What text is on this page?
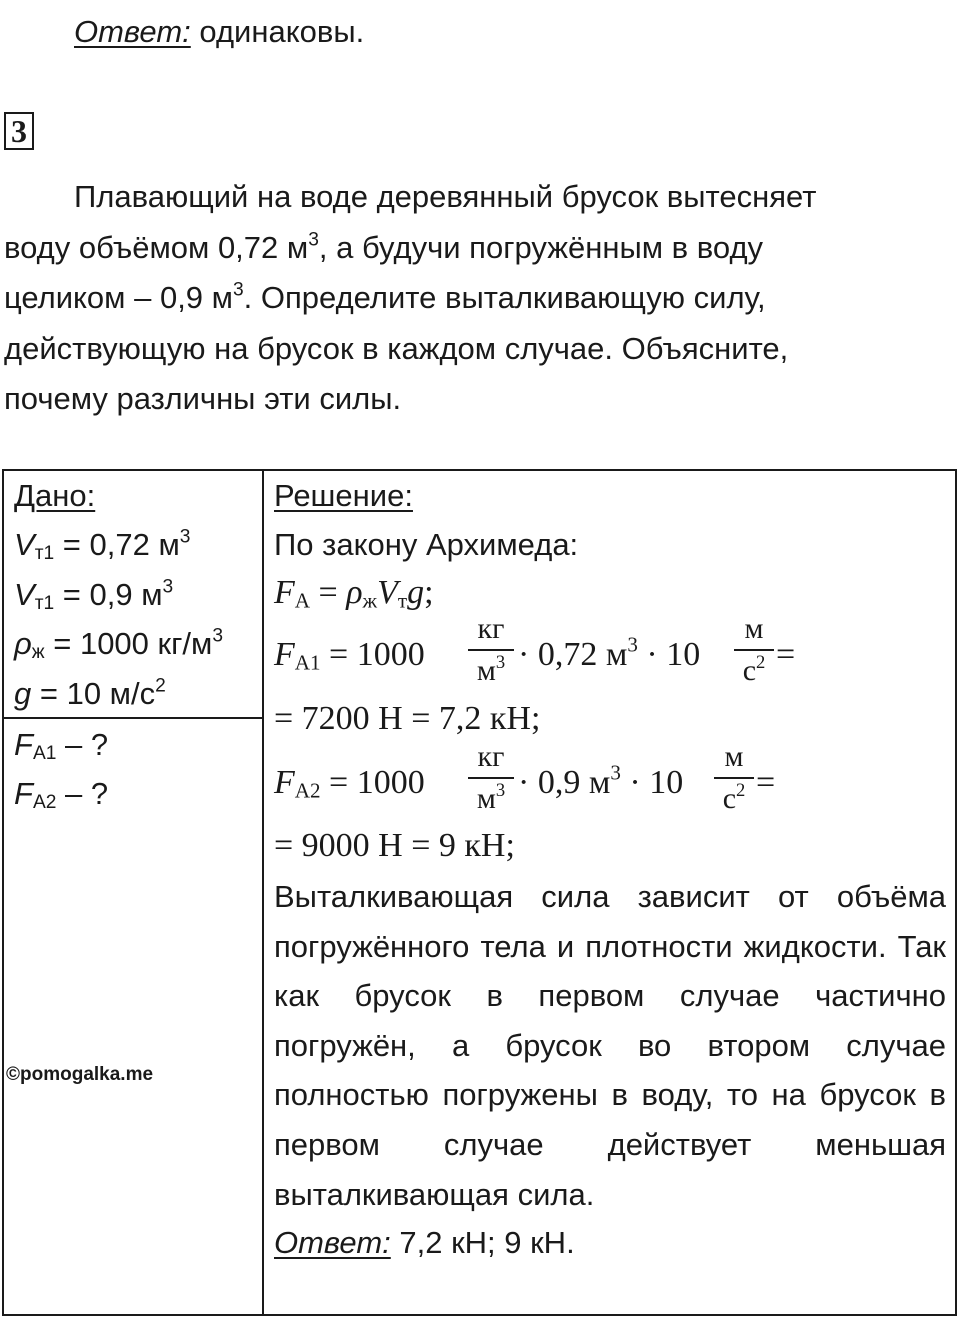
Ответ: одинаковы.
3

Плавающий на воде деревянный брусок вытесняет

воду объёмом 0,72 $м^3$, а будучи погружённым в воду

целиком – 0,9 $м^3$. Определите выталкивающую силу,

действующую на брусок в каждом случае. Объясните,

почему различны эти силы.

Дано:
$V_{т1} = 0,72$ $м^3$
$V_{т1} = 0,9$ $м^3$
$\rho_ж = 1000$ $кг/м^3$
g = 10 $м/с^2$
$F_{A1}$ – ?
$F_{A2}$ – ?
©pomogalka.me
Решение:
По закону Архимеда:
$F_A = \rho_жV_тg$;
$F_{A1} = 1000$
кг
$м^3 \cdot 0,72$ $м^3 \cdot 10$
м
$с^2$ =
= 7200 Н = 7,2 кН;
$F_{A2} = 1000$
кг
$м^3 \cdot 0,9$ $м^3 \cdot 10$
м
$с^2$ =
= 9000 Н = 9 кН;
Выталкивающая сила зависит от объёма погружённого тела и плотности жидкости. Так как брусок в первом случае частично погружён, а брусок во втором случае полностью погружены в воду, то на брусок в первом случае действует меньшая выталкивающая сила.
Ответ: 7,2 кН; 9 кН.
